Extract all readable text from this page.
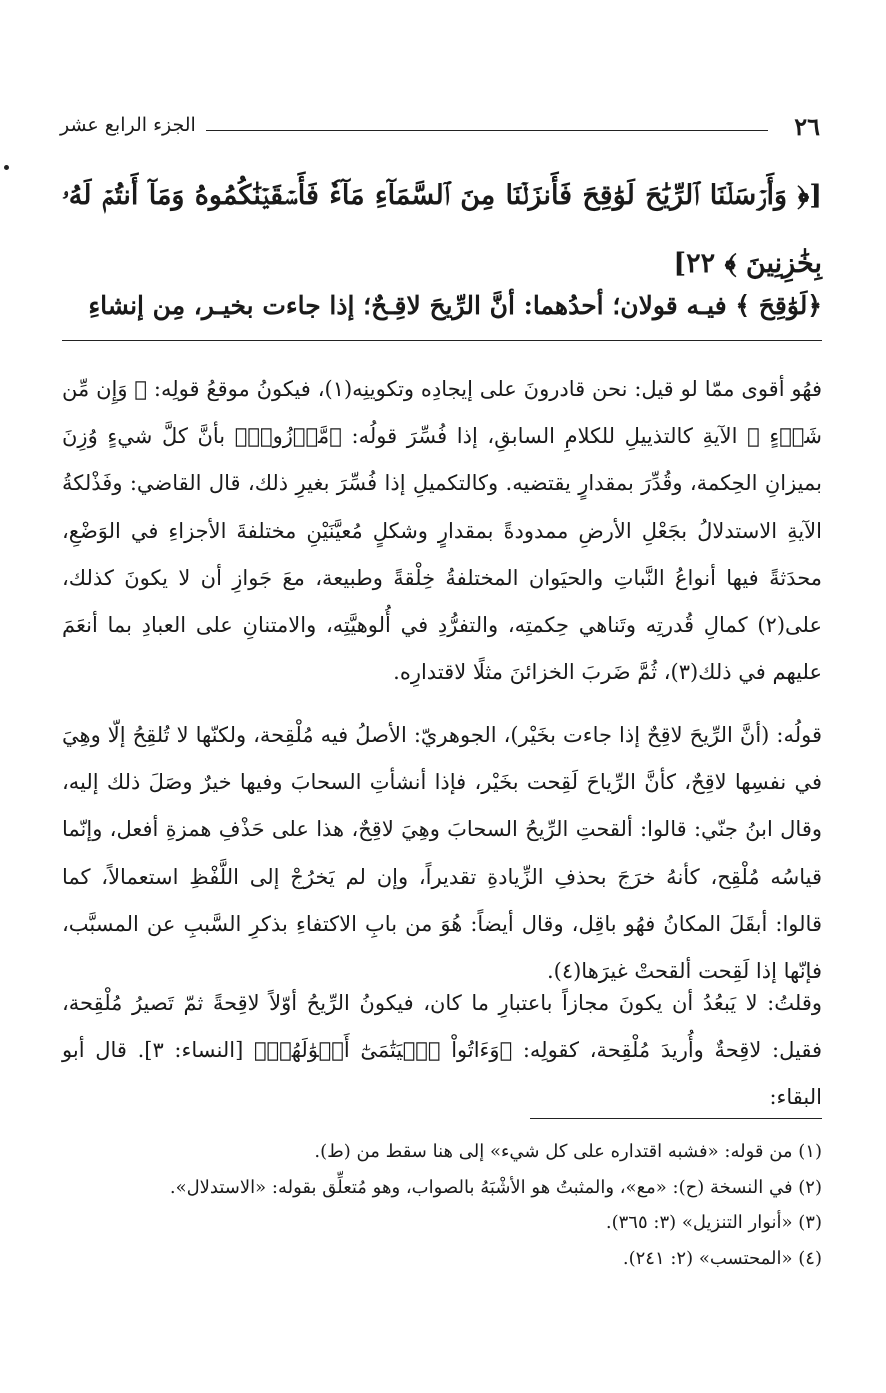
٢٦
الجزء الرابع عشر
[﴿ وَأَرۡسَلۡنَا ٱلرِّيَٰحَ لَوَٰقِحَ فَأَنزَلۡنَا مِنَ ٱلسَّمَآءِ مَآءٗ فَأَسۡقَيۡنَٰكُمُوهُ وَمَآ أَنتُمۡ لَهُۥ بِخَٰزِنِينَ ﴾ ٢٢]
﴿لَوَٰقِحَ ﴾ فيـه قولان؛ أحدُهما: أنَّ الرِّيحَ لاقِـحٌ؛ إذا جاءت بخيـر، مِن إنشاءِ

فهُو أقوى ممّا لو قيل: نحن قادرونَ على إيجادِه وتكوينِه(١)، فيكونُ موقعُ قولِه: ﴿ وَإِن مِّن شَيۡءٍ ﴾ الآيةِ كالتذييلِ للكلامِ السابقِ، إذا فُسِّرَ قولُه: ﴿مَّوۡزُونٖ﴾ بأنَّ كلَّ شيءٍ وُزِنَ بميزانِ الحِكمة، وقُدِّرَ بمقدارٍ يقتضيه. وكالتكميلِ إذا فُسِّرَ بغيرِ ذلك، قال القاضي: وفَذْلكةُ الآيةِ الاستدلالُ بجَعْلِ الأرضِ ممدودةً بمقدارٍ وشكلٍ مُعيَّنَيْنِ مختلفةَ الأجزاءِ في الوَضْعِ، محدَثةً فيها أنواعُ النَّباتِ والحيَوان المختلفةُ خِلْقةً وطبيعة، معَ جَوازِ أن لا يكونَ كذلك، على(٢) كمالِ قُدرتِه وتَناهي حِكمتِه، والتفرُّدِ في أُلوهيَّتِه، والامتنانِ على العبادِ بما أنعَمَ عليهم في ذلك(٣)، ثُمَّ ضَربَ الخزائنَ مثلًا لاقتدارِه.

قولُه: (أنَّ الرِّيحَ لاقِحٌ إذا جاءت بخَيْر)، الجوهريّ: الأصلُ فيه مُلْقِحة، ولكنّها لا تُلقِحُ إلّا وهِيَ في نفسِها لاقِحٌ، كأنَّ الرِّياحَ لَقِحت بخَيْر، فإذا أنشأتِ السحابَ وفيها خيرٌ وصَلَ ذلك إليه، وقال ابنُ جنّي: قالوا: ألقحتِ الرِّيحُ السحابَ وهِيَ لاقِحٌ، هذا على حَذْفِ همزةِ أفعل، وإنّما قياسُه مُلْقِح، كأنهُ خرَجَ بحذفِ الزِّيادةِ تقديراً، وإن لم يَخرُجْ إلى اللَّفْظِ استعمالاً، كما قالوا: أبقَلَ المكانُ فهُو باقِل، وقال أيضاً: هُوَ من بابِ الاكتفاءِ بذكرِ السَّببِ عن المسبَّب، فإنّها إذا لَقِحت ألقحتْ غيرَها(٤).

وقلتُ: لا يَبعُدُ أن يكونَ مجازاً باعتبارِ ما كان، فيكونُ الرِّيحُ أوّلاً لاقِحةً ثمّ تَصيرُ مُلْقِحة، فقيل: لاقِحةٌ وأُريدَ مُلْقِحة، كقولِه: ﴿وَءَاتُواْ ٱلۡيَتَٰمَىٰٓ أَمۡوَٰلَهُمۡ﴾ [النساء: ٣]. قال أبو البقاء:

(١) من قوله: «فشبه اقتداره على كل شيء» إلى هنا سقط من (ط).
(٢) في النسخة (ح): «مع»، والمثبتُ هو الأشْبَهُ بالصواب، وهو مُتعلِّق بقوله: «الاستدلال».
(٣) «أنوار التنزيل» (٣: ٣٦٥).
(٤) «المحتسب» (٢: ٢٤١).
